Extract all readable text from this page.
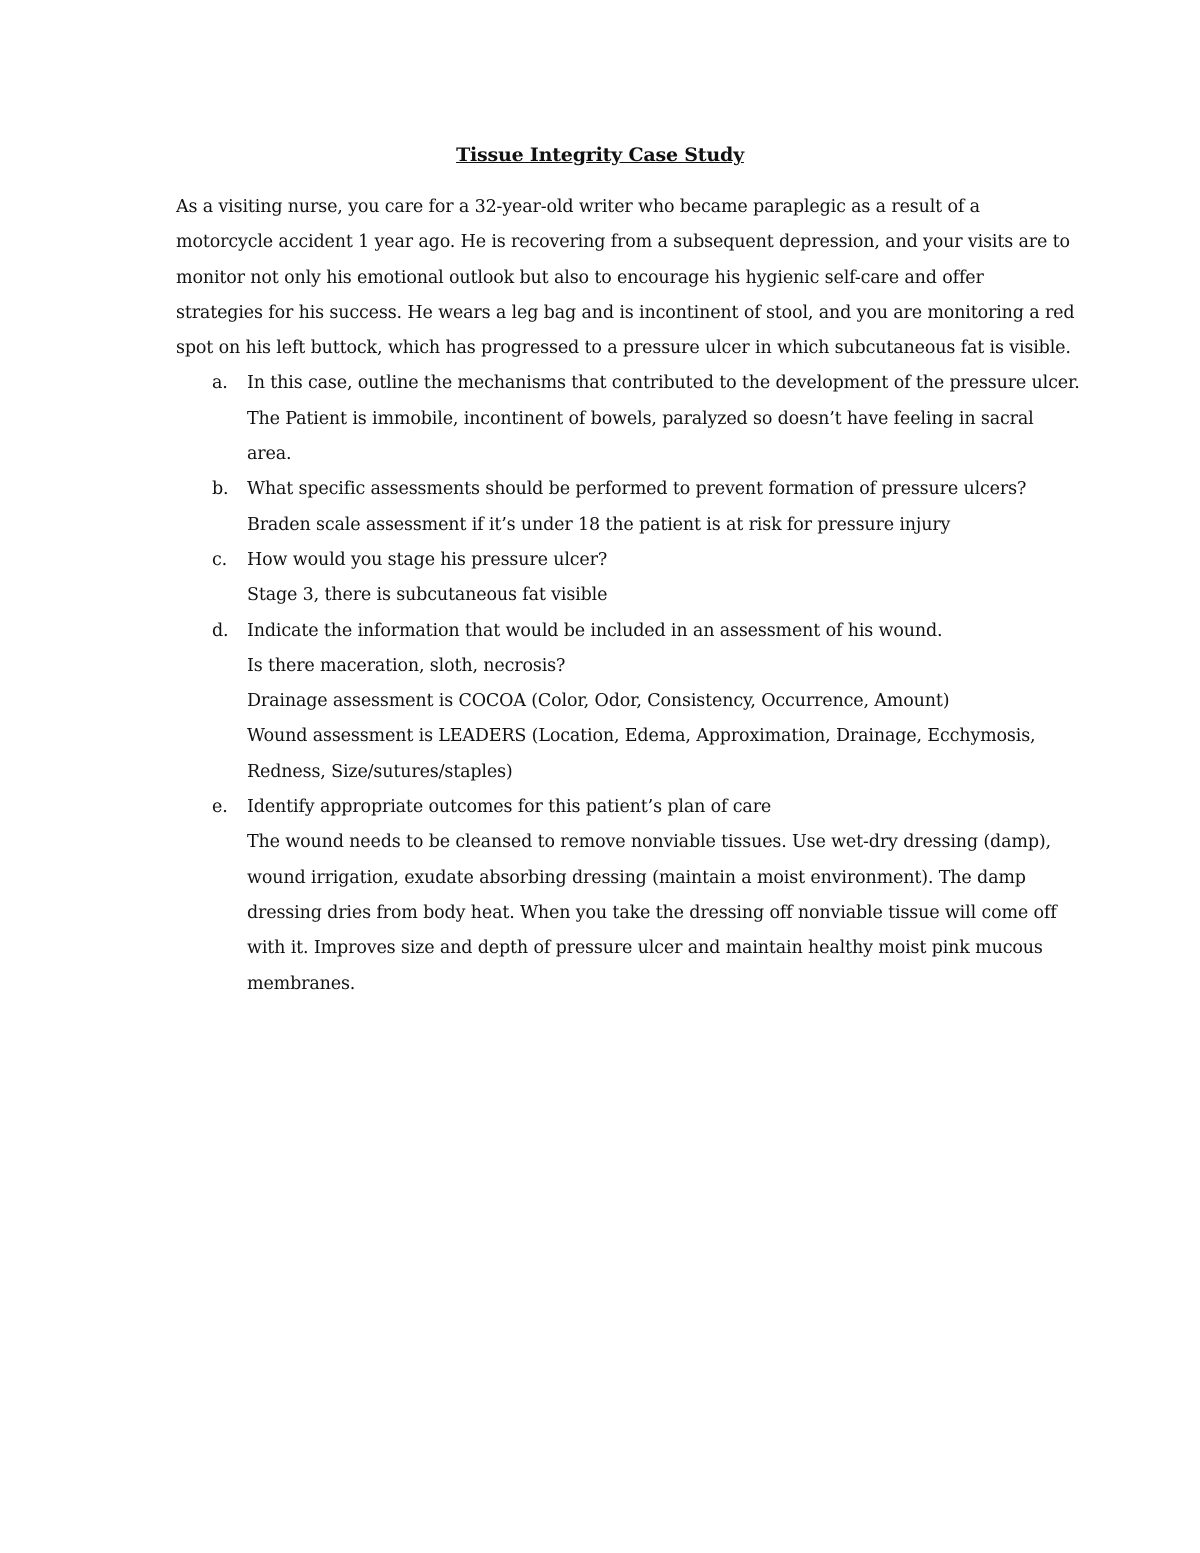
Tissue Integrity Case Study
As a visiting nurse, you care for a 32-year-old writer who became paraplegic as a result of a
motorcycle accident 1 year ago. He is recovering from a subsequent depression, and your visits are to
monitor not only his emotional outlook but also to encourage his hygienic self-care and offer
strategies for his success. He wears a leg bag and is incontinent of stool, and you are monitoring a red
spot on his left buttock, which has progressed to a pressure ulcer in which subcutaneous fat is visible.
a. In this case, outline the mechanisms that contributed to the development of the pressure ulcer.
The Patient is immobile, incontinent of bowels, paralyzed so doesn’t have feeling in sacral
area.
b. What specific assessments should be performed to prevent formation of pressure ulcers?
Braden scale assessment if it’s under 18 the patient is at risk for pressure injury
c. How would you stage his pressure ulcer?
Stage 3, there is subcutaneous fat visible
d. Indicate the information that would be included in an assessment of his wound.
Is there maceration, sloth, necrosis?
Drainage assessment is COCOA (Color, Odor, Consistency, Occurrence, Amount)
Wound assessment is LEADERS (Location, Edema, Approximation, Drainage, Ecchymosis,
Redness, Size/sutures/staples)
e. Identify appropriate outcomes for this patient’s plan of care
The wound needs to be cleansed to remove nonviable tissues. Use wet-dry dressing (damp),
wound irrigation, exudate absorbing dressing (maintain a moist environment). The damp
dressing dries from body heat. When you take the dressing off nonviable tissue will come off
with it. Improves size and depth of pressure ulcer and maintain healthy moist pink mucous
membranes.
